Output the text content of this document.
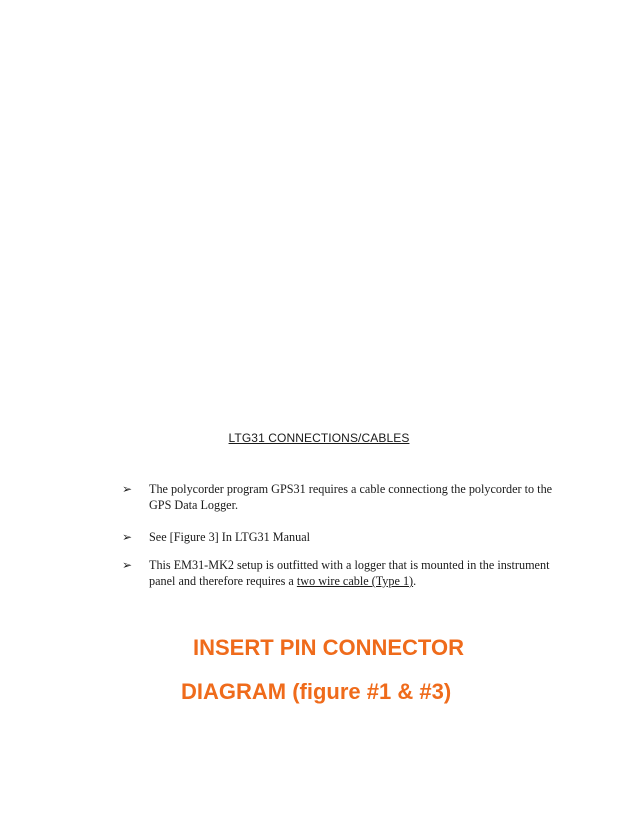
LTG31 CONNECTIONS/CABLES
➢ The polycorder program GPS31 requires a cable connectiong the polycorder to the GPS Data Logger.
➢ See [Figure 3] In LTG31 Manual
➢ This EM31-MK2 setup is outfitted with a logger that is mounted in the instrument panel and therefore requires a two wire cable (Type 1).

INSERT PIN CONNECTOR

DIAGRAM (figure #1 & #3)
